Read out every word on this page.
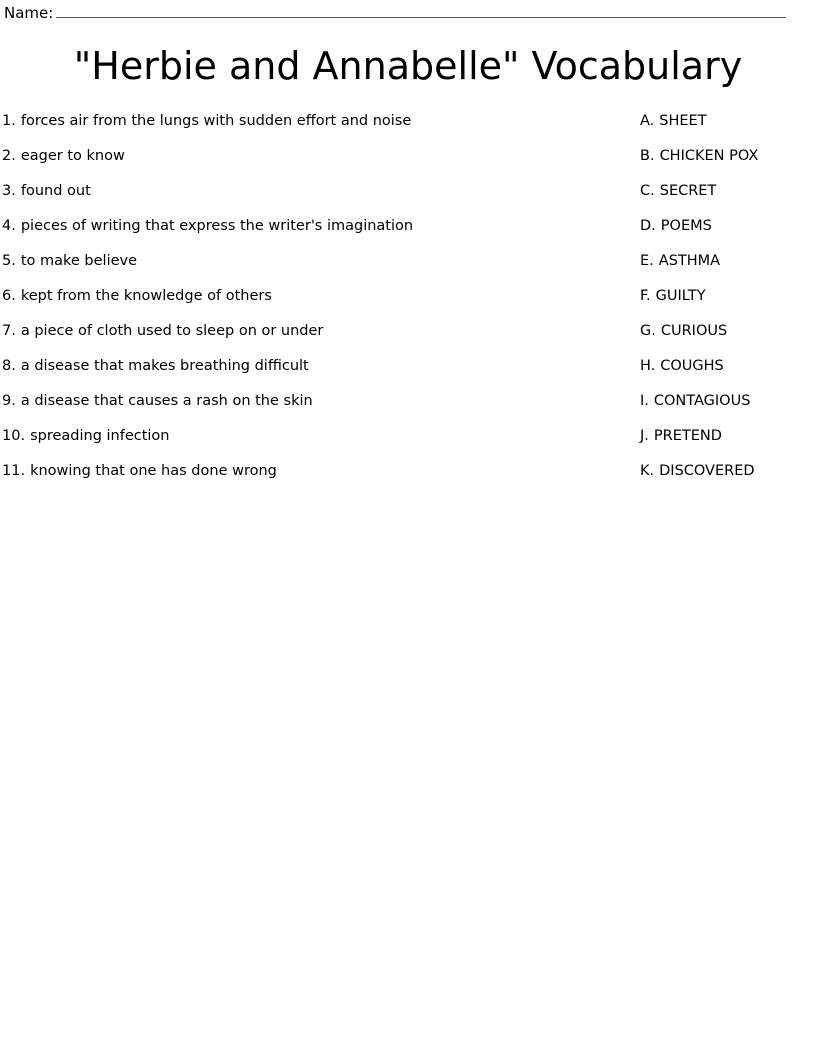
Name:
"Herbie and Annabelle" Vocabulary
1. forces air from the lungs with sudden effort and noise
2. eager to know
3. found out
4. pieces of writing that express the writer's imagination
5. to make believe
6. kept from the knowledge of others
7. a piece of cloth used to sleep on or under
8. a disease that makes breathing difficult
9. a disease that causes a rash on the skin
10. spreading infection
11. knowing that one has done wrong
A. SHEET
B. CHICKEN POX
C. SECRET
D. POEMS
E. ASTHMA
F. GUILTY
G. CURIOUS
H. COUGHS
I. CONTAGIOUS
J. PRETEND
K. DISCOVERED
